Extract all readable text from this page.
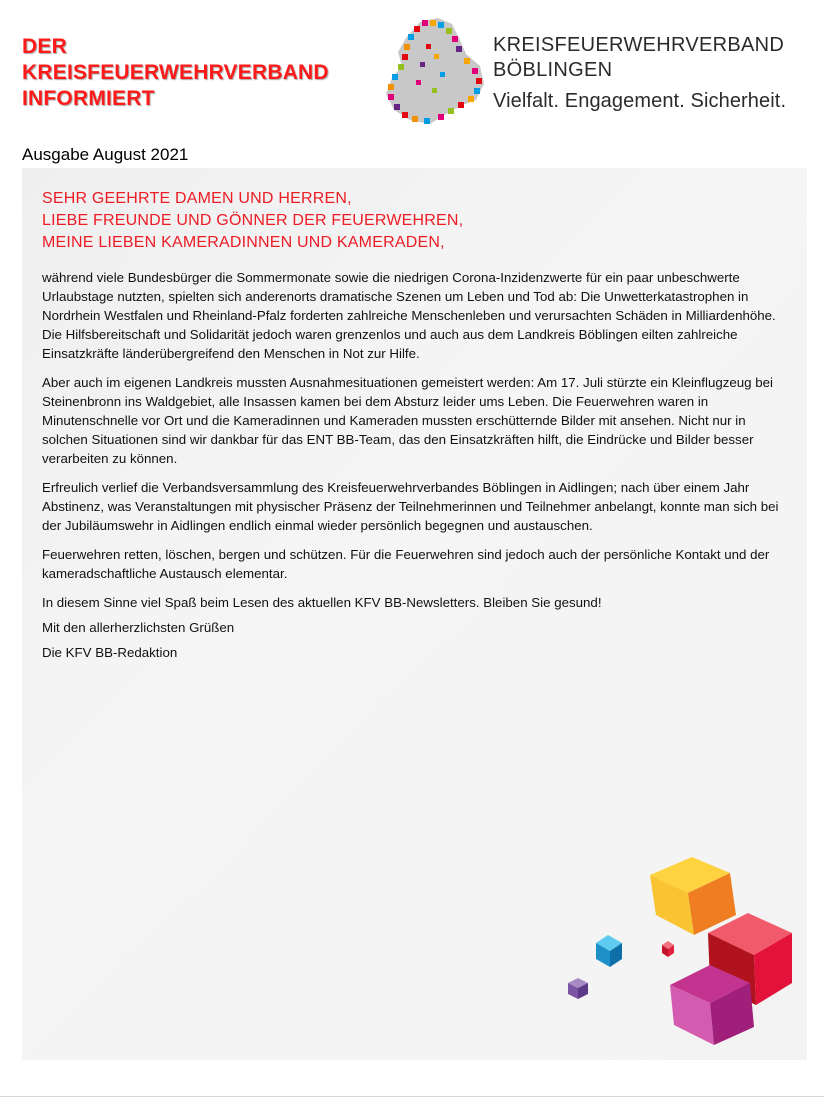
DER
KREISFEUERWEHRVERBAND
INFORMIERT
KREISFEUERWEHRVERBAND
BÖBLINGEN
Vielfalt. Engagement. Sicherheit.
Ausgabe August 2021
SEHR GEEHRTE DAMEN UND HERREN,
LIEBE FREUNDE UND GÖNNER DER FEUERWEHREN,
MEINE LIEBEN KAMERADINNEN UND KAMERADEN,

während viele Bundesbürger die Sommermonate sowie die niedrigen Corona-Inzidenzwerte für ein paar unbeschwerte Urlaubstage nutzten, spielten sich anderenorts dramatische Szenen um Leben und Tod ab: Die Unwetterkatastrophen in Nordrhein Westfalen und Rheinland-Pfalz forderten zahlreiche Menschenleben und verursachten Schäden in Milliardenhöhe. Die Hilfsbereitschaft und Solidarität jedoch waren grenzenlos und auch aus dem Landkreis Böblingen eilten zahlreiche Einsatzkräfte länderübergreifend den Menschen in Not zur Hilfe.

Aber auch im eigenen Landkreis mussten Ausnahmesituationen gemeistert werden: Am 17. Juli stürzte ein Kleinflugzeug bei Steinenbronn ins Waldgebiet, alle Insassen kamen bei dem Absturz leider ums Leben. Die Feuerwehren waren in Minutenschnelle vor Ort und die Kameradinnen und Kameraden mussten erschütternde Bilder mit ansehen. Nicht nur in solchen Situationen sind wir dankbar für das ENT BB-Team, das den Einsatzkräften hilft, die Eindrücke und Bilder besser verarbeiten zu können.

Erfreulich verlief die Verbandsversammlung des Kreisfeuerwehrverbandes Böblingen in Aidlingen; nach über einem Jahr Abstinenz, was Veranstaltungen mit physischer Präsenz der Teilnehmerinnen und Teilnehmer anbelangt, konnte man sich bei der Jubiläumswehr in Aidlingen endlich einmal wieder persönlich begegnen und austauschen.

Feuerwehren retten, löschen, bergen und schützen. Für die Feuerwehren sind jedoch auch der persönliche Kontakt und der kameradschaftliche Austausch elementar.

In diesem Sinne viel Spaß beim Lesen des aktuellen KFV BB-Newsletters. Bleiben Sie gesund!

Mit den allerherzlichsten Grüßen

Die KFV BB-Redaktion
